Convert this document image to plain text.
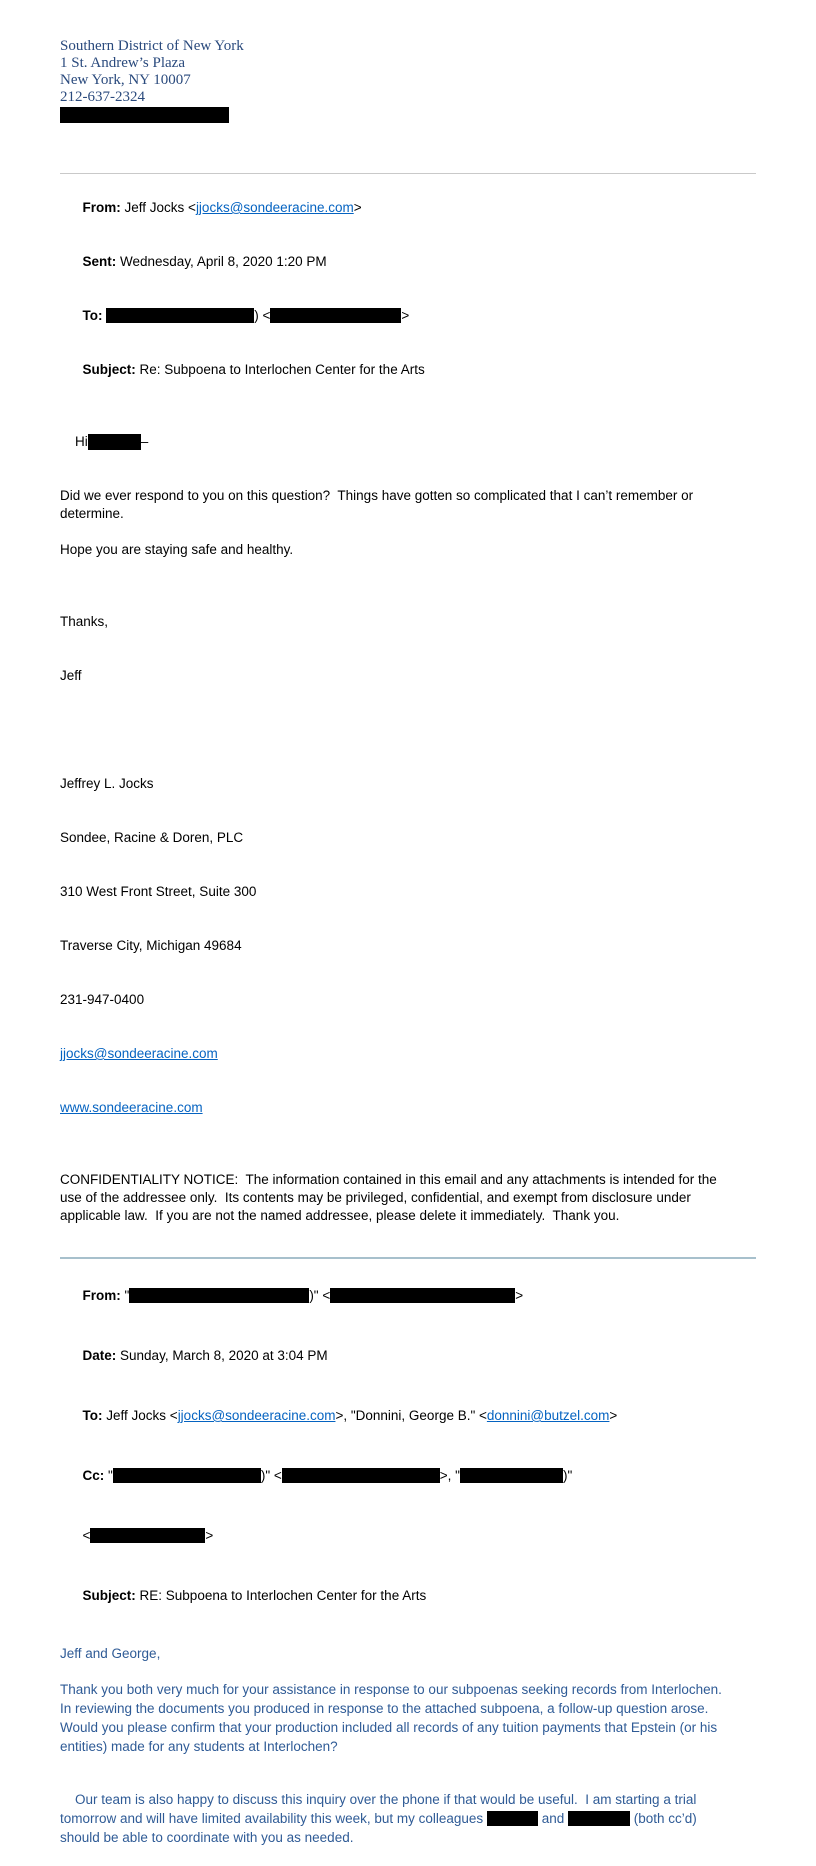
Southern District of New York
1 St. Andrew’s Plaza
New York, NY 10007
212-637-2324

From: Jeff Jocks <jjocks@sondeeracine.com>

Sent: Wednesday, April 8, 2020 1:20 PM

To:	) <	>

Subject: Re: Subpoena to Interlochen Center for the Arts

Hi	–

Did we ever respond to you on this question?  Things have gotten so complicated that I can’t remember or determine.
Hope you are staying safe and healthy.

Thanks,

Jeff

Jeffrey L. Jocks

Sondee, Racine & Doren, PLC

310 West Front Street, Suite 300

Traverse City, Michigan 49684

231-947-0400

jjocks@sondeeracine.com

www.sondeeracine.com

CONFIDENTIALITY NOTICE:  The information contained in this email and any attachments is intended for the use of the addressee only.  Its contents may be privileged, confidential, and exempt from disclosure under applicable law.  If you are not the named addressee, please delete it immediately.  Thank you.

From: "	)" <	>

Date: Sunday, March 8, 2020 at 3:04 PM

To: Jeff Jocks <jjocks@sondeeracine.com>, "Donnini, George B." <donnini@butzel.com>

Cc: "	)" <	>, "	)"

<	>

Subject: RE: Subpoena to Interlochen Center for the Arts

Jeff and George,
Thank you both very much for your assistance in response to our subpoenas seeking records from Interlochen.  In reviewing the documents you produced in response to the attached subpoena, a follow-up question arose.  Would you please confirm that your production included all records of any tuition payments that Epstein (or his entities) made for any students at Interlochen?

Our team is also happy to discuss this inquiry over the phone if that would be useful.  I am starting a trial tomorrow and will have limited availability this week, but my colleagues	and	(both cc’d) should be able to coordinate with you as needed.
